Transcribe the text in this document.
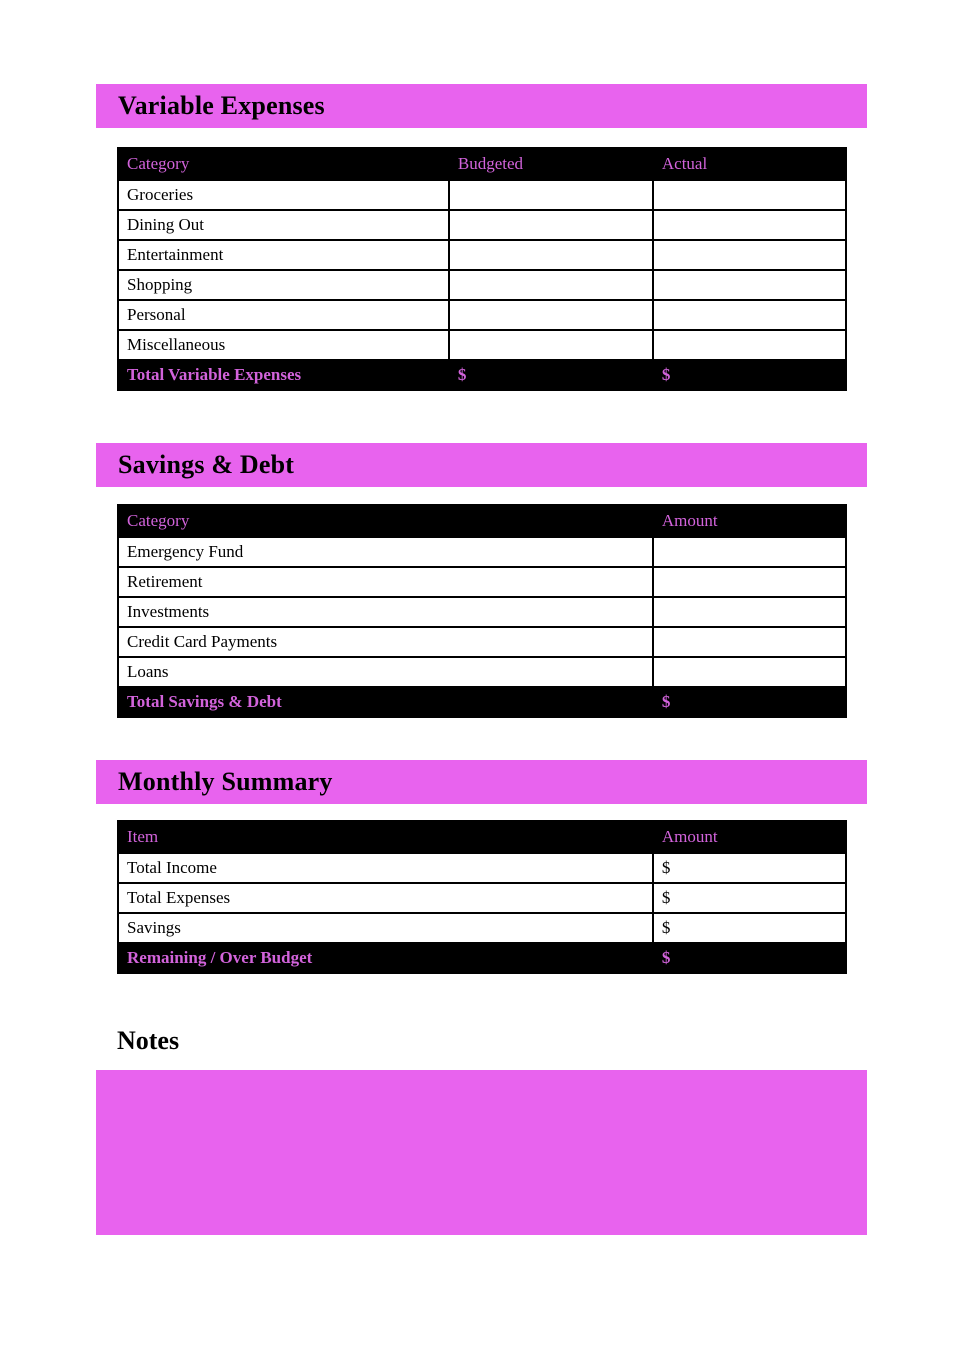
Variable Expenses
Category	Budgeted	Actual
Groceries
Dining Out
Entertainment
Shopping
Personal
Miscellaneous
Total Variable Expenses	$	$
Savings & Debt
Category	Amount
Emergency Fund
Retirement
Investments
Credit Card Payments
Loans
Total Savings & Debt	$
Monthly Summary
Item	Amount
Total Income	$
Total Expenses	$
Savings	$
Remaining / Over Budget	$
Notes
